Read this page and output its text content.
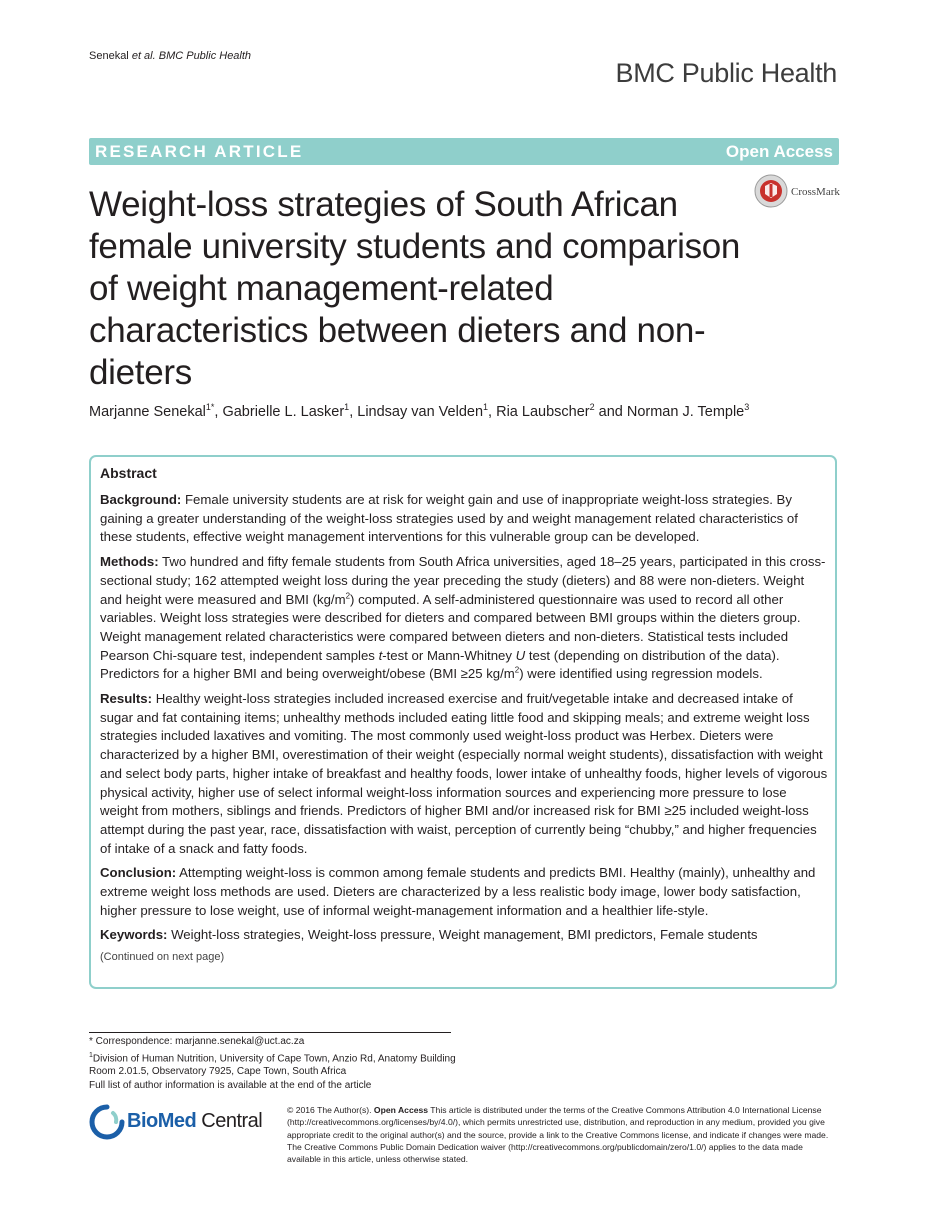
Senekal et al. BMC Public Health
BMC Public Health
RESEARCH ARTICLE	Open Access
CrossMark
Weight-loss strategies of South African female university students and comparison of weight management-related characteristics between dieters and non-dieters
Marjanne Senekal$^{1*}$, Gabrielle L. Lasker$^1$, Lindsay van Velden$^1$, Ria Laubscher$^2$ and Norman J. Temple$^3$
Abstract

Background: Female university students are at risk for weight gain and use of inappropriate weight-loss strategies. By gaining a greater understanding of the weight-loss strategies used by and weight management related characteristics of these students, effective weight management interventions for this vulnerable group can be developed.

Methods: Two hundred and fifty female students from South Africa universities, aged 18–25 years, participated in this cross-sectional study; 162 attempted weight loss during the year preceding the study (dieters) and 88 were non-dieters. Weight and height were measured and BMI $(kg/m^2)$ computed. A self-administered questionnaire was used to record all other variables. Weight loss strategies were described for dieters and compared between BMI groups within the dieters group. Weight management related characteristics were compared between dieters and non-dieters. Statistical tests included Pearson Chi-square test, independent samples t-test or Mann-Whitney U test (depending on distribution of the data). Predictors for a higher BMI and being overweight/obese (BMI ≥25 $kg/m^2$) were identified using regression models.

Results: Healthy weight-loss strategies included increased exercise and fruit/vegetable intake and decreased intake of sugar and fat containing items; unhealthy methods included eating little food and skipping meals; and extreme weight loss strategies included laxatives and vomiting. The most commonly used weight-loss product was Herbex. Dieters were characterized by a higher BMI, overestimation of their weight (especially normal weight students), dissatisfaction with weight and select body parts, higher intake of breakfast and healthy foods, lower intake of unhealthy foods, higher levels of vigorous physical activity, higher use of select informal weight-loss information sources and experiencing more pressure to lose weight from mothers, siblings and friends. Predictors of higher BMI and/or increased risk for BMI ≥25 included weight-loss attempt during the past year, race, dissatisfaction with waist, perception of currently being “chubby,” and higher frequencies of intake of a snack and fatty foods.

Conclusion: Attempting weight-loss is common among female students and predicts BMI. Healthy (mainly), unhealthy and extreme weight loss methods are used. Dieters are characterized by a less realistic body image, lower body satisfaction, higher pressure to lose weight, use of informal weight-management information and a healthier life-style.

Keywords: Weight-loss strategies, Weight-loss pressure, Weight management, BMI predictors, Female students

(Continued on next page)
* Correspondence: marjanne.senekal@uct.ac.za
$^1$Division of Human Nutrition, University of Cape Town, Anzio Rd, Anatomy Building Room 2.01.5, Observatory 7925, Cape Town, South Africa
Full list of author information is available at the end of the article
BioMed Central	© 2016 The Author(s). Open Access This article is distributed under the terms of the Creative Commons Attribution 4.0 International License (http://creativecommons.org/licenses/by/4.0/), which permits unrestricted use, distribution, and reproduction in any medium, provided you give appropriate credit to the original author(s) and the source, provide a link to the Creative Commons license, and indicate if changes were made. The Creative Commons Public Domain Dedication waiver (http://creativecommons.org/publicdomain/zero/1.0/) applies to the data made available in this article, unless otherwise stated.
